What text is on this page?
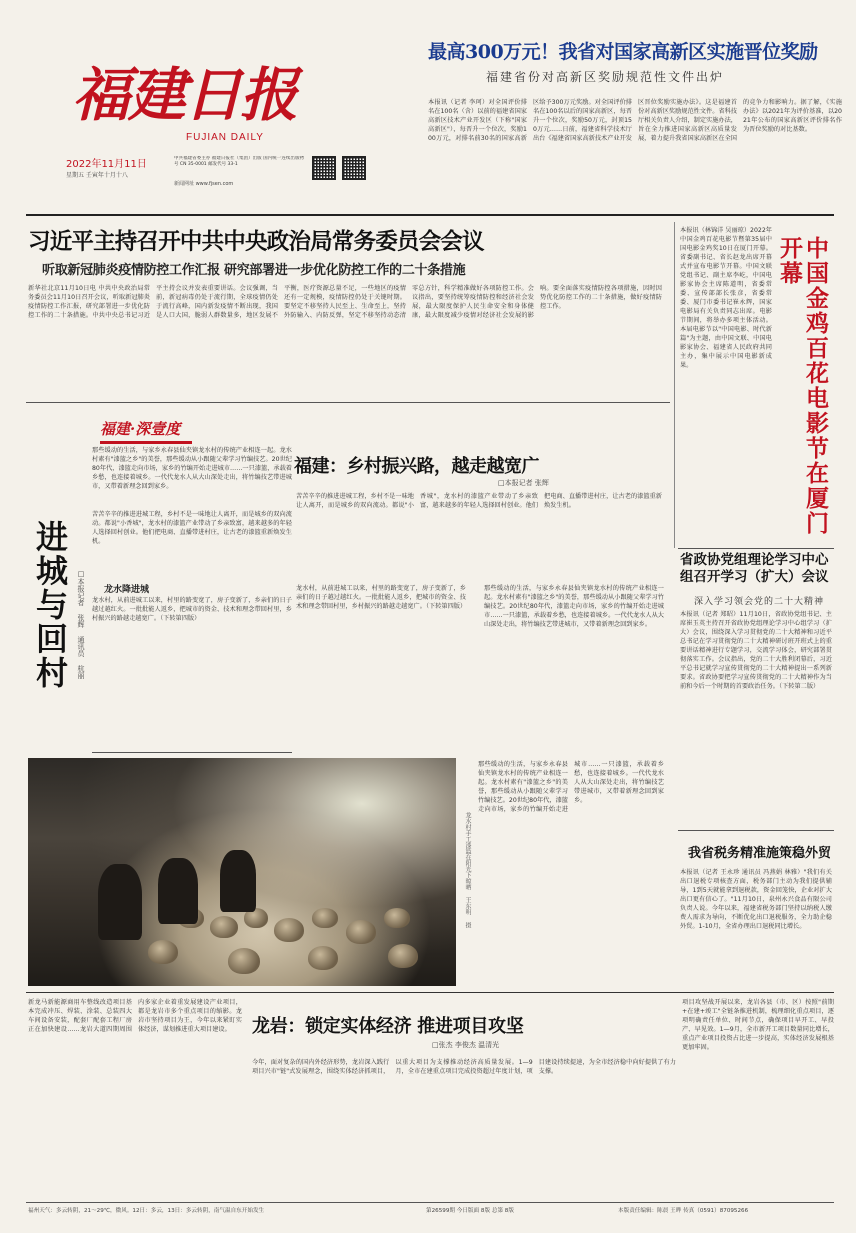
福建日报
FUJIAN DAILY
2022年11月11日
星期五 壬寅年十月十八
中共福建省委主办 福建日报社（集团）出版 国内统一连续出版物号 CN 35-0001 邮发代号 33-1
新闻网址 www.fjsen.com
最高300万元！我省对国家高新区实施晋位奖励
福建省份对高新区奖励规范性文件出炉
本报讯（记者 李珂）对全国评价排名在100名（含）以前的福建省国家高新区技术产业开发区（下称"国家高新区"），每晋升一个位次，奖励100万元，对排名前30名的国家高新区给予300万元奖励。对全国评价排名在100名以后的国家高新区，每晋升一个位次，奖励50万元，封顶150万元……日前，福建省科学技术厅出台《福建省国家高新技术产业开发区晋位奖励实施办法》。这是福建首份对高新区奖励规范性文件。省科技厅相关负责人介绍，制定实施办法，旨在全力推进国家高新区高质量发展，着力提升我省国家高新区在全国的竞争力和影响力。据了解，《实施办法》以2021年为评价基准，以2021年公布的国家高新区评价排名作为晋位奖励的对比基数。
习近平主持召开中共中央政治局常务委员会会议
听取新冠肺炎疫情防控工作汇报 研究部署进一步优化防控工作的二十条措施
新华社北京11月10日电 中共中央政治局常务委员会11月10日召开会议，听取新冠肺炎疫情防控工作汇报，研究部署进一步优化防控工作的二十条措施。中共中央总书记习近平主持会议并发表重要讲话。会议强调，当前，新冠病毒仍处于流行期，全球疫情仍处于流行高峰，国内新发疫情不断出现，我国是人口大国，脆弱人群数量多，地区发展不平衡，医疗资源总量不足，一些地区的疫情还有一定规模，疫情防控仍处于关键时期。要坚定不移坚持人民至上、生命至上，坚持外防输入、内防反弹，坚定不移坚持动态清零总方针，科学精准做好各项防控工作。会议指出，要坚持统筹疫情防控和经济社会发展，最大限度保护人民生命安全和身体健康，最大限度减少疫情对经济社会发展的影响。要全面落实疫情防控各项措施，因时因势优化防控工作的二十条措施，做好疫情防控工作。
本报讯（林锦洋 吴丽琼）2022年中国金鸡百花电影节暨第35届中国电影金鸡奖10日在厦门开幕。省委副书记、省长赵龙出席开幕式并宣布电影节开幕。中国文联党组书记、副主席李屹，中国电影家协会主席陈道明，省委常委、宣传部部长张彦，省委常委、厦门市委书记崔永辉，国家电影局有关负责同志出席。电影节期间，将举办多项主体活动。本届电影节以"中国电影、时代新篇"为主题，由中国文联、中国电影家协会、福建省人民政府共同主办，集中展示中国电影新成果。	中国金鸡百花电影节在厦门开幕
福建·深壹度
那些缓动的生活，与家乡永春县仙夹镇龙水村的传统产业相连一起。龙水村素有"漆篮之乡"的美誉，那些缓动从小跟随父辈学习竹编技艺。20世纪80年代，漆篮走向市场，家乡的竹编开始走进城市……一只漆篮，承载着乡愁，也连接着城乡。一代代龙水人从大山深处走出，将竹编技艺带进城市，又带着新理念回到家乡。
进城与回村	□本报记者 张辉 通讯员 杭丽 龙水降进城
苦苦辛辛的推进进城工程，乡村不是一味地让人离开，而是城乡的双向流动。都说"小香城"，龙水村的漆篮产业带动了乡亲致富，越来越多的年轻人选择回村创业。他们把电商、直播带进村庄，让古老的漆篮重新焕发生机。
龙水村，从前进城工以来，村里的路变宽了，房子变新了，乡亲们的日子越过越红火。一批批能人返乡，把城市的资金、技术和理念带回村里，乡村振兴的路越走越宽广。（下转第四版）
福建：乡村振兴路，越走越宽广
□本报记者 张辉
苦苦辛辛的推进进城工程，乡村不是一味地让人离开，而是城乡的双向流动。都说"小香城"，龙水村的漆篮产业带动了乡亲致富，越来越多的年轻人选择回村创业。他们把电商、直播带进村庄，让古老的漆篮重新焕发生机。
龙水村，从前进城工以来，村里的路变宽了，房子变新了，乡亲们的日子越过越红火。一批批能人返乡，把城市的资金、技术和理念带回村里，乡村振兴的路越走越宽广。（下转第四版）
那些缓动的生活，与家乡永春县仙夹镇龙水村的传统产业相连一起。龙水村素有"漆篮之乡"的美誉，那些缓动从小跟随父辈学习竹编技艺。20世纪80年代，漆篮走向市场，家乡的竹编开始走进城市……一只漆篮，承载着乡愁，也连接着城乡。一代代龙水人从大山深处走出，将竹编技艺带进城市，又带着新理念回到家乡。
龙水村手工漆篮在阳光下晾晒 王东明 摄
那些缓动的生活，与家乡永春县仙夹镇龙水村的传统产业相连一起。龙水村素有"漆篮之乡"的美誉，那些缓动从小跟随父辈学习竹编技艺。20世纪80年代，漆篮走向市场，家乡的竹编开始走进城市……一只漆篮，承载着乡愁，也连接着城乡。一代代龙水人从大山深处走出，将竹编技艺带进城市，又带着新理念回到家乡。
省政协党组理论学习中心组召开学习（扩大）会议
深入学习领会党的二十大精神
本报讯（记者 郑昭）11月10日，省政协党组书记、主席崔玉英主持召开省政协党组理论学习中心组学习（扩大）会议，围绕深入学习贯彻党的二十大精神和习近平总书记在学习贯彻党的二十大精神研讨班开班式上的重要讲话精神进行专题学习，交流学习体会，研究部署贯彻落实工作。会议指出，党的二十大胜利闭幕后，习近平总书记就学习宣传贯彻党的二十大精神提出一系列新要求。省政协要把学习宣传贯彻党的二十大精神作为当前和今后一个时期的首要政治任务。（下转第二版）
我省税务精准施策稳外贸
本报讯（记者 王永珍 通讯员 冯燕娟 林雅）"我们有关出口退税专项核查方面，税务部门主动为我们提供辅导，1到5天就能拿到退税款，资金回笼快，企业对扩大出口更有信心了。"11月10日，泉州永兴食品有限公司负责人说。今年以来，福建省税务部门坚持以纳税人缴费人需求为导向，不断优化出口退税服务，全力助企稳外贸。1-10月，全省办理出口退税同比增长。
新龙马新能源商用车整线改造项目基本完成冲压、焊装、涂装、总装四大车间设备安装，配套厂配套工程厂房正在加快建设……龙岩大道四期周围内多家企业着重发展建设产业项目，都是龙岩市多个重点项目的缩影。龙岩市坚持项目为王，今年以来紧盯实体经济，谋划推进重大项目建设。	龙岩：锁定实体经济 推进项目攻坚
□张杰 李俊杰 温清光
今年，面对复杂的国内外经济形势，龙岩深入践行项目兴市"链"式发展理念，围绕实体经济抓项目，以重大项目为支撑推动经济高质量发展。1—9月，全市在建重点项目完成投资超过年度计划，项目建设持续提速，为全市经济稳中向好提供了有力支撑。
项目攻坚战开展以来，龙岩各县（市、区）按照"前期+在建+竣工"全链条推进机制，梳理细化重点项目，逐项明确责任单位、时间节点，确保项目早开工、早投产、早见效。1—9月，全市新开工项目数量同比增长，重点产业项目投资占比进一步提高，实体经济发展根基更加牢固。
福州天气：多云转阴，21～29℃，微风。12日：多云，13日：多云转阴，南气温自东开始发生	第26599期 今日版面 8版 总第 8版	本版责任编辑：陈晨 王晔 传真（0591）87095266
